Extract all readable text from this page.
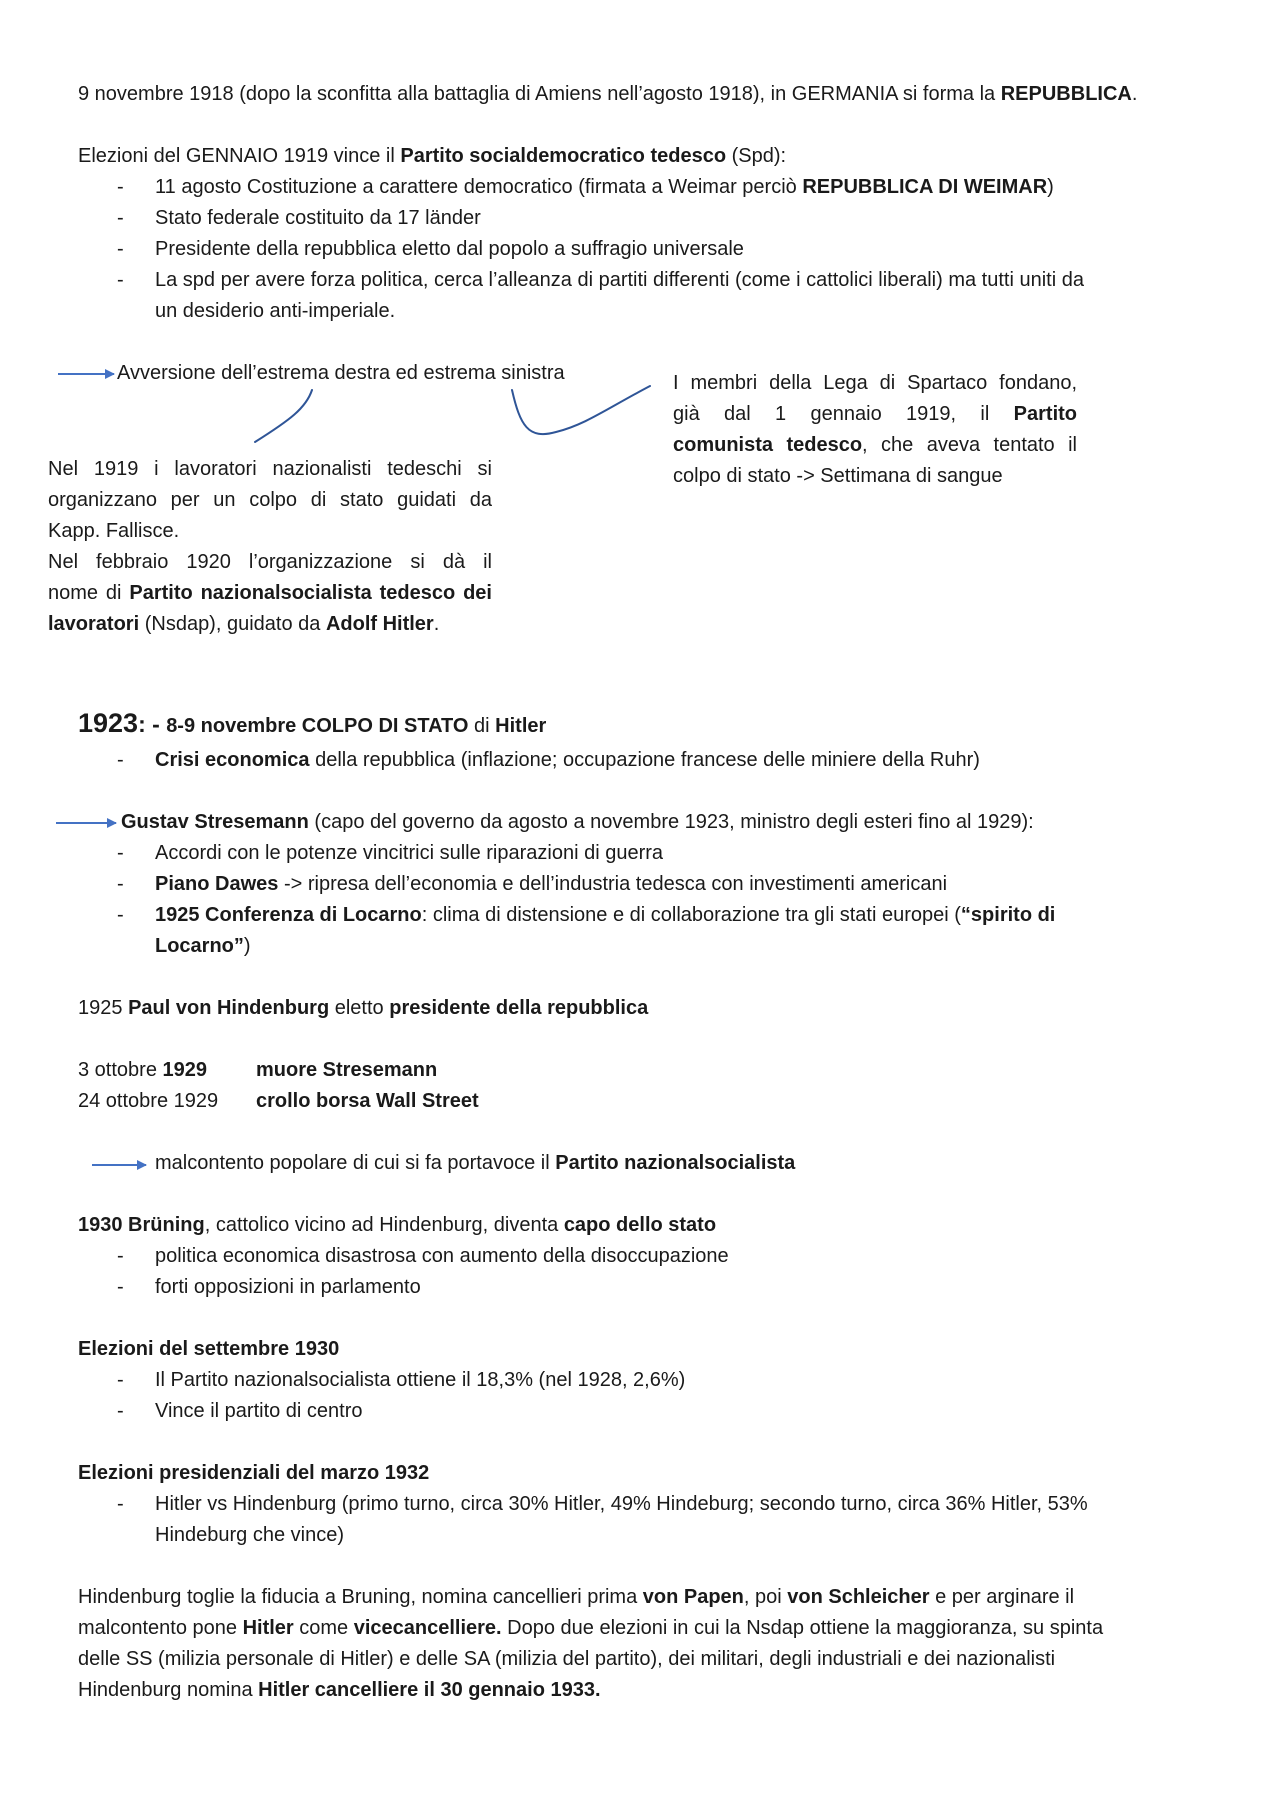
9 novembre 1918 (dopo la sconfitta alla battaglia di Amiens nell’agosto 1918), in GERMANIA si forma la REPUBBLICA.

Elezioni del GENNAIO 1919 vince il Partito socialdemocratico tedesco (Spd):

- 11 agosto Costituzione a carattere democratico (firmata a Weimar perciò REPUBBLICA DI WEIMAR)

- Stato federale costituito da 17 länder

- Presidente della repubblica eletto dal popolo a suffragio universale

- La spd per avere forza politica, cerca l’alleanza di partiti differenti (come i cattolici liberali) ma tutti uniti da

un desiderio anti-imperiale.

Avversione dell’estrema destra ed estrema sinistra

Nel 1919 i lavoratori nazionalisti tedeschi si
organizzano per un colpo di stato guidati da
Kapp. Fallisce.
Nel febbraio 1920 l’organizzazione si dà il
nome di Partito nazionalsocialista tedesco dei
lavoratori (Nsdap), guidato da Adolf Hitler.
I membri della Lega di Spartaco fondano,
già dal 1 gennaio 1919, il Partito
comunista tedesco, che aveva tentato il
colpo di stato -> Settimana di sangue

1923: - 8-9 novembre COLPO DI STATO di Hitler

- Crisi economica della repubblica (inflazione; occupazione francese delle miniere della Ruhr)

Gustav Stresemann (capo del governo da agosto a novembre 1923, ministro degli esteri fino al 1929):

- Accordi con le potenze vincitrici sulle riparazioni di guerra

- Piano Dawes -> ripresa dell’economia e dell’industria tedesca con investimenti americani

- 1925 Conferenza di Locarno: clima di distensione e di collaborazione tra gli stati europei (“spirito di

Locarno”)

1925 Paul von Hindenburg eletto presidente della repubblica

3 ottobre 1929 muore Stresemann

24 ottobre 1929 crollo borsa Wall Street

malcontento popolare di cui si fa portavoce il Partito nazionalsocialista

1930 Brüning, cattolico vicino ad Hindenburg, diventa capo dello stato

- politica economica disastrosa con aumento della disoccupazione

- forti opposizioni in parlamento

Elezioni del settembre 1930

- Il Partito nazionalsocialista ottiene il 18,3% (nel 1928, 2,6%)

- Vince il partito di centro

Elezioni presidenziali del marzo 1932

- Hitler vs Hindenburg (primo turno, circa 30% Hitler, 49% Hindeburg; secondo turno, circa 36% Hitler, 53%

Hindeburg che vince)

Hindenburg toglie la fiducia a Bruning, nomina cancellieri prima von Papen, poi von Schleicher e per arginare il
malcontento pone Hitler come vicecancelliere. Dopo due elezioni in cui la Nsdap ottiene la maggioranza, su spinta
delle SS (milizia personale di Hitler) e delle SA (milizia del partito), dei militari, degli industriali e dei nazionalisti
Hindenburg nomina Hitler cancelliere il 30 gennaio 1933.
